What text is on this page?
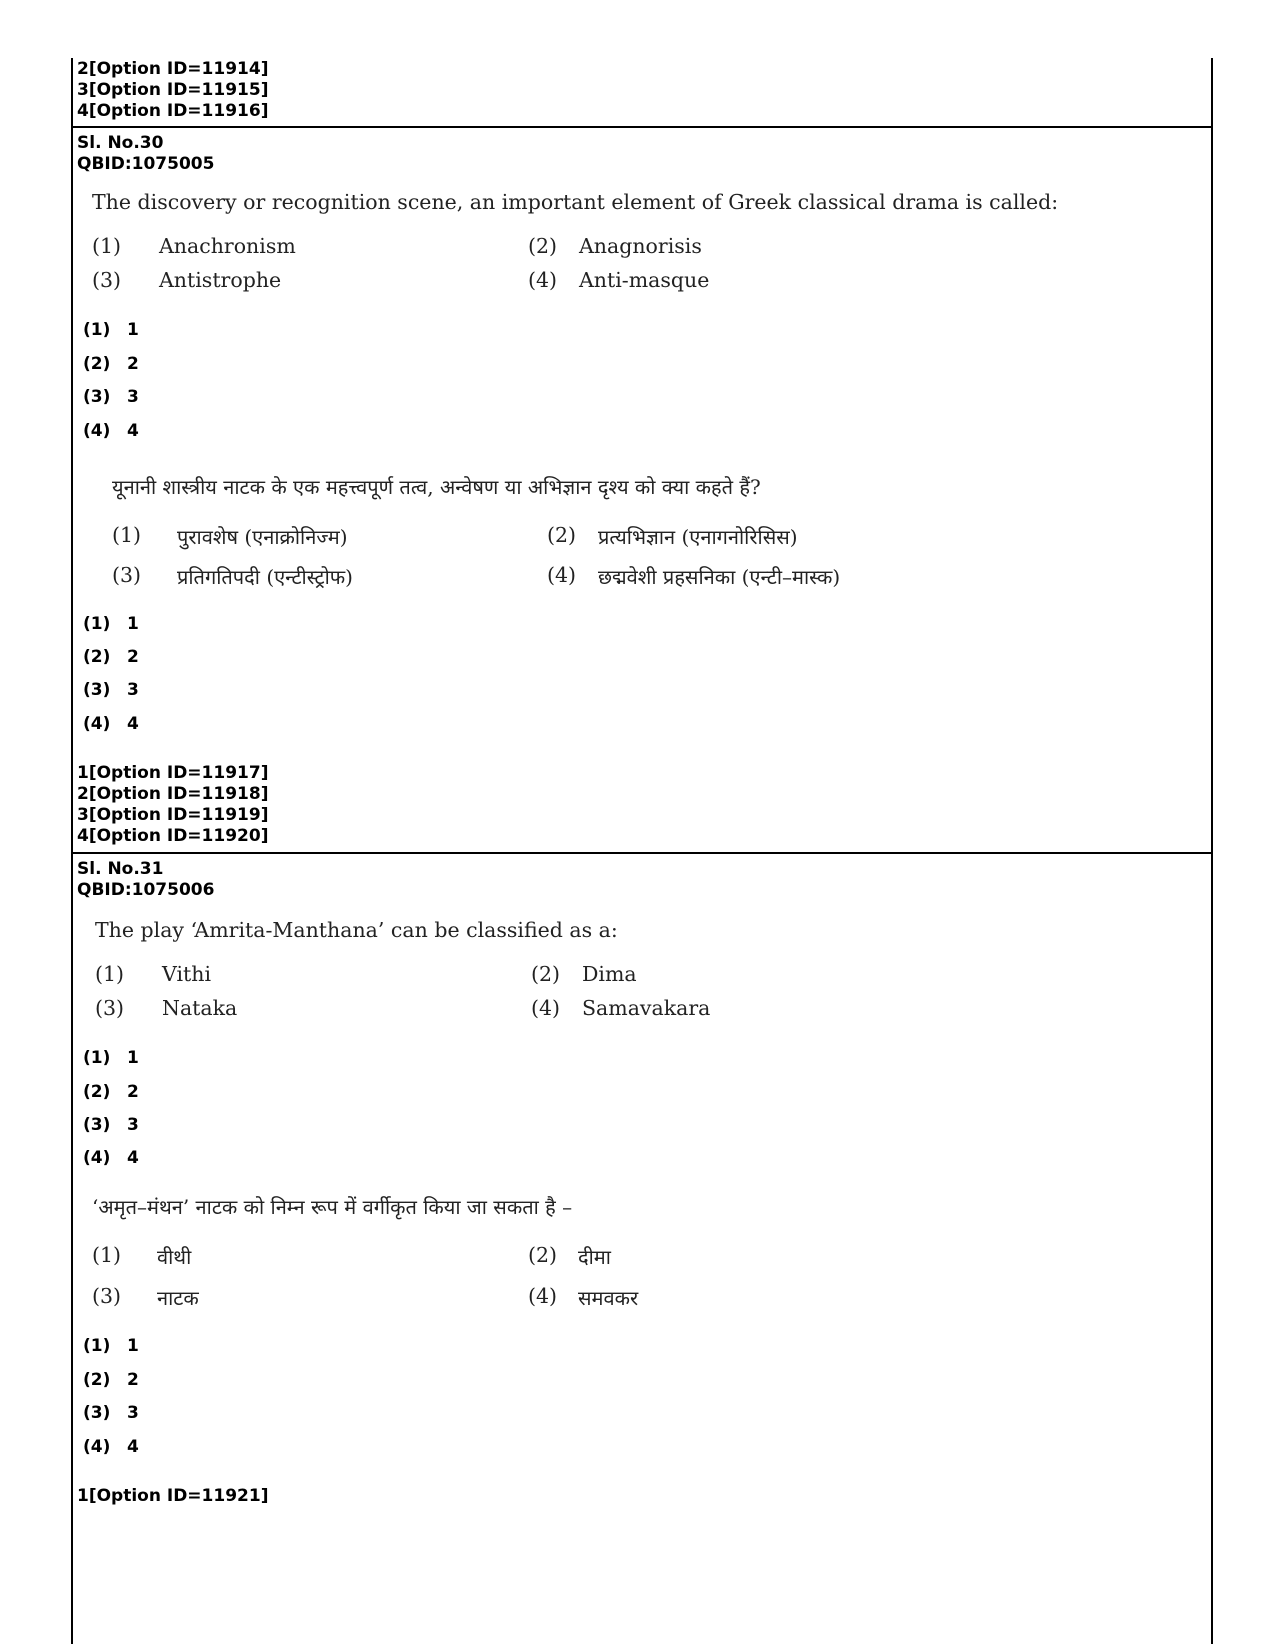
2[Option ID=11914]
3[Option ID=11915]
4[Option ID=11916]
Sl. No.30
QBID:1075005
The discovery or recognition scene, an important element of Greek classical drama is called:
(1) Anachronism	(2) Anagnorisis
(3) Antistrophe	(4) Anti-masque
(1) 1
(2) 2
(3) 3
(4) 4
यूनानी शास्त्रीय नाटक के एक महत्त्वपूर्ण तत्व, अन्वेषण या अभिज्ञान दृश्य को क्या कहते हैं?
(1) पुरावशेष (एनाक्रोनिज्म)	(2) प्रत्यभिज्ञान (एनागनोरिसिस)
(3) प्रतिगतिपदी (एन्टीस्ट्रोफ)	(4) छद्मवेशी प्रहसनिका (एन्टी–मास्क)
(1) 1
(2) 2
(3) 3
(4) 4
1[Option ID=11917]
2[Option ID=11918]
3[Option ID=11919]
4[Option ID=11920]
Sl. No.31
QBID:1075006
The play ‘Amrita-Manthana’ can be classified as a:
(1) Vithi	(2) Dima
(3) Nataka	(4) Samavakara
(1) 1
(2) 2
(3) 3
(4) 4
‘अमृत–मंथन’ नाटक को निम्न रूप में वर्गीकृत किया जा सकता है –
(1) वीथी	(2) दीमा
(3) नाटक	(4) समवकर
(1) 1
(2) 2
(3) 3
(4) 4
1[Option ID=11921]
